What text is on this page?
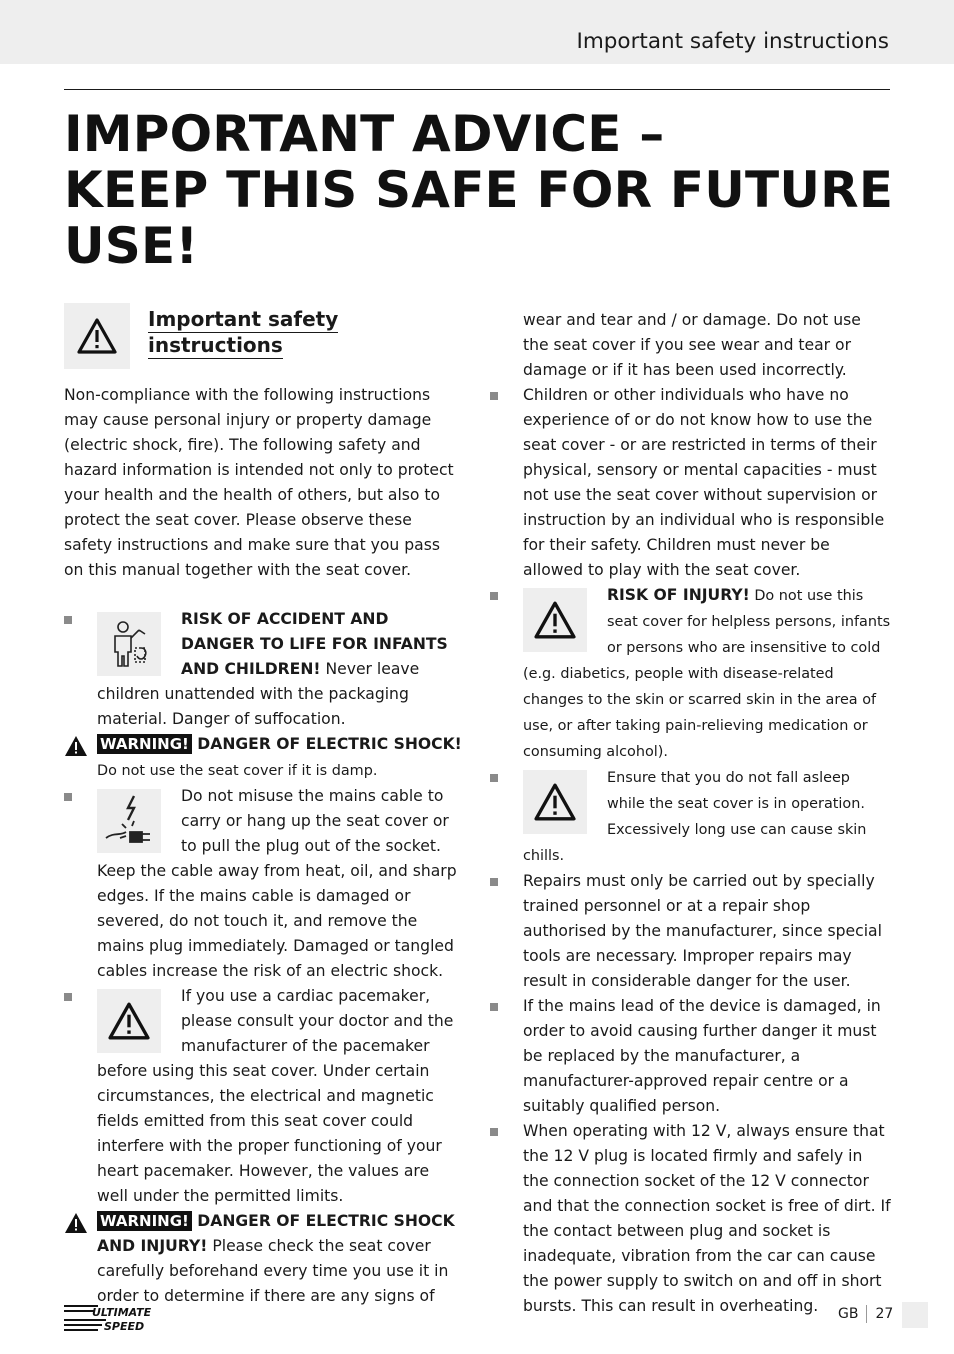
Important safety instructions
IMPORTANT ADVICE –
KEEP THIS SAFE FOR FUTURE
USE!
Important safety
instructions

Non-compliance with the following instructions may cause personal injury or property damage (electric shock, fire). The following safety and hazard information is intended not only to protect your health and the health of others, but also to protect the seat cover. Please observe these safety instructions and make sure that you pass on this manual together with the seat cover.

RISK OF ACCIDENT AND DANGER TO LIFE FOR INFANTS AND CHILDREN! Never leave children unattended with the packaging material. Danger of suffocation.
WARNING! DANGER OF ELECTRIC SHOCK! Do not use the seat cover if it is damp.
Do not misuse the mains cable to carry or hang up the seat cover or to pull the plug out of the socket. Keep the cable away from heat, oil, and sharp edges. If the mains cable is damaged or severed, do not touch it, and remove the mains plug immediately. Damaged or tangled cables increase the risk of an electric shock.
If you use a cardiac pacemaker, please consult your doctor and the manufacturer of the pacemaker before using this seat cover. Under certain circumstances, the electrical and magnetic fields emitted from this seat cover could interfere with the proper functioning of your heart pacemaker. However, the values are well under the permitted limits.
WARNING! DANGER OF ELECTRIC SHOCK AND INJURY! Please check the seat cover carefully beforehand every time you use it in order to determine if there are any signs of

wear and tear and / or damage. Do not use the seat cover if you see wear and tear or damage or if it has been used incorrectly.

Children or other individuals who have no experience of or do not know how to use the seat cover - or are restricted in terms of their physical, sensory or mental capacities - must not use the seat cover without supervision or instruction by an individual who is responsible for their safety. Children must never be allowed to play with the seat cover.
RISK OF INJURY! Do not use this seat cover for helpless persons, infants or persons who are insensitive to cold (e.g. diabetics, people with disease-related changes to the skin or scarred skin in the area of use, or after taking pain-relieving medication or consuming alcohol).
Ensure that you do not fall asleep while the seat cover is in operation. Excessively long use can cause skin chills.
Repairs must only be carried out by specially trained personnel or at a repair shop authorised by the manufacturer, since special tools are necessary. Improper repairs may result in considerable danger for the user.
If the mains lead of the device is damaged, in order to avoid causing further danger it must be replaced by the manufacturer, a manufacturer-approved repair centre or a suitably qualified person.
When operating with 12 V, always ensure that the 12 V plug is located firmly and safely in the connection socket of the 12 V connector and that the connection socket is free of dirt. If the contact between plug and socket is inadequate, vibration from the car can cause the power supply to switch on and off in short bursts. This can result in overheating.
ULTIMATE
SPEED
GB 27
